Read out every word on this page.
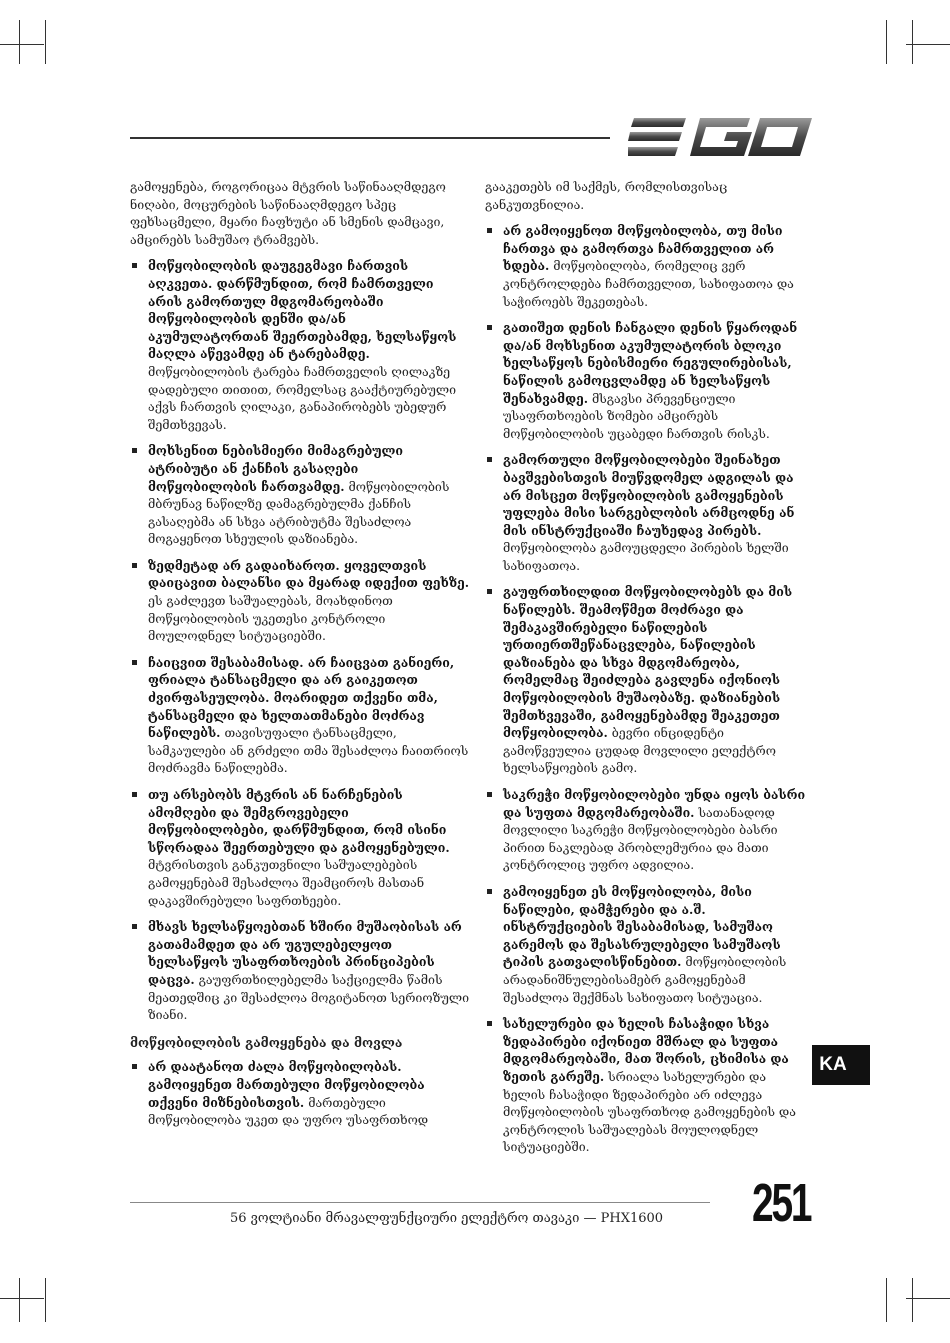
გამოყენება, როგორიცაა მტვრის საწინააღმდეგო ნიღაბი, მოცურების საწინააღმდეგო სპეც ფეხსაცმელი, მყარი ჩაფხუტი ან სმენის დამცავი, ამცირებს სამუშაო ტრამვებს.

მოწყობილობის დაუგეგმავი ჩართვის აღკვეთა. დარწმუნდით, რომ ჩამრთველი არის გამორთულ მდგომარეობაში მოწყობილობის დენში და/ან აკუმულატორთან შეერთებამდე, ხელსაწყოს მაღლა აწევამდე ან ტარებამდე. მოწყობილობის ტარება ჩამრთველის ღილაკზე დადებული თითით, რომელსაც გააქტიურებული აქვს ჩართვის ღილაკი, განაპირობებს უბედურ შემთხვევას.
მოხსენით ნებისმიერი მიმაგრებული ატრიბუტი ან ქანჩის გასაღები მოწყობილობის ჩართვამდე. მოწყობილობის მბრუნავ ნაწილზე დამაგრებულმა ქანჩის გასაღებმა ან სხვა ატრიბუტმა შესაძლოა მოგაყენოთ სხეულის დაზიანება.
ზედმეტად არ გადაიხაროთ. ყოველთვის დაიცავით ბალანსი და მყარად იდექით ფეხზე. ეს გაძლევთ საშუალებას, მოახდინოთ მოწყობილობის უკეთესი კონტროლი მოულოდნელ სიტუაციებში.
ჩაიცვით შესაბამისად. არ ჩაიცვათ განიერი, ფრიალა ტანსაცმელი და არ გაიკეთოთ ძვირფასეულობა. მოარიდეთ თქვენი თმა, ტანსაცმელი და ხელთათმანები მოძრავ ნაწილებს. თავისუფალი ტანსაცმელი, სამკაულები ან გრძელი თმა შესაძლოა ჩაითრიოს მოძრავმა ნაწილებმა.
თუ არსებობს მტვრის ან ნარჩენების ამომღები და შემგროვებელი მოწყობილობები, დარწმუნდით, რომ ისინი სწორადაა შეერთებული და გამოყენებული. მტვრისთვის განკუთვნილი საშუალებების გამოყენებამ შესაძლოა შეამციროს მასთან დაკავშირებული საფრთხეები.
მხავს ხელსაწყოებთან ხშირი მუშაობისას არ გათამამდეთ და არ უგულებელყოთ ხელსაწყოს უსაფრთხოების პრინციპების დაცვა. გაუფრთხილებელმა საქციელმა წამის მეათედშიც კი შესაძლოა მოგიტანოთ სერიოზული ზიანი.
მოწყობილობის გამოყენება და მოვლა
არ დაატანოთ ძალა მოწყობილობას. გამოიყენეთ მართებული მოწყობილობა თქვენი მიზნებისთვის. მართებული მოწყობილობა უკეთ და უფრო უსაფრთხოდ

გააკეთებს იმ საქმეს, რომლისთვისაც განკუთვნილია.

არ გამოიყენოთ მოწყობილობა, თუ მისი ჩართვა და გამორთვა ჩამრთველით არ ხდება. მოწყობილობა, რომელიც ვერ კონტროლდება ჩამრთველით, სახიფათოა და საჭიროებს შეკეთებას.
გათიშეთ დენის ჩანგალი დენის წყაროდან და/ან მოხსენით აკუმულატორის ბლოკი ხელსაწყოს ნებისმიერი რეგულირებისას, ნაწილის გამოცვლამდე ან ხელსაწყოს შენახვამდე. მსგავსი პრევენციული უსაფრთხოების ზომები ამცირებს მოწყობილობის უცაბედი ჩართვის რისკს.
გამორთული მოწყობილობები შეინახეთ ბავშვებისთვის მიუწვდომელ ადგილას და არ მისცეთ მოწყობილობის გამოყენების უფლება მისი სარგებლობის არმცოდნე ან მის ინსტრუქციაში ჩაუხედავ პირებს. მოწყობილობა გამოუცდელი პირების ხელში სახიფათოა.
გაუფრთხილდით მოწყობილობებს და მის ნაწილებს. შეამოწმეთ მოძრავი და შემაკავშირებელი ნაწილების ურთიერთშეწანაცვლება, ნაწილების დაზიანება და სხვა მდგომარეობა, რომელმაც შეიძლება გავლენა იქონიოს მოწყობილობის მუშაობაზე. დაზიანების შემთხვევაში, გამოყენებამდე შეაკეთეთ მოწყობილობა. ბევრი ინციდენტი გამოწვეულია ცუდად მოვლილი ელექტრო ხელსაწყოების გამო.
საკრეჭი მოწყობილობები უნდა იყოს ბასრი და სუფთა მდგომარეობაში. სათანადოდ მოვლილი საკრეჭი მოწყობილობები ბასრი პირით ნაკლებად პრობლემურია და მათი კონტროლიც უფრო ადვილია.
გამოიყენეთ ეს მოწყობილობა, მისი ნაწილები, დამჭერები და ა.შ. ინსტრუქციების შესაბამისად, სამუშაო გარემოს და შესასრულებელი სამუშაოს ტიპის გათვალისწინებით. მოწყობილობის არადანიშნულებისამებრ გამოყენებამ შესაძლოა შექმნას სახიფათო სიტუაცია.
სახელურები და ხელის ჩასაჭიდი სხვა ზედაპირები იქონიეთ მშრალ და სუფთა მდგომარეობაში, მათ შორის, ცხიმისა და ზეთის გარეშე. სრიალა სახელურები და ხელის ჩასაჭიდი ზედაპირები არ იძლევა მოწყობილობის უსაფრთხოდ გამოყენების და კონტროლის საშუალებას მოულოდნელ სიტუაციებში.
KA
56 ვოლტიანი მრავალფუნქციური ელექტრო თავაკი — PHX1600 251
